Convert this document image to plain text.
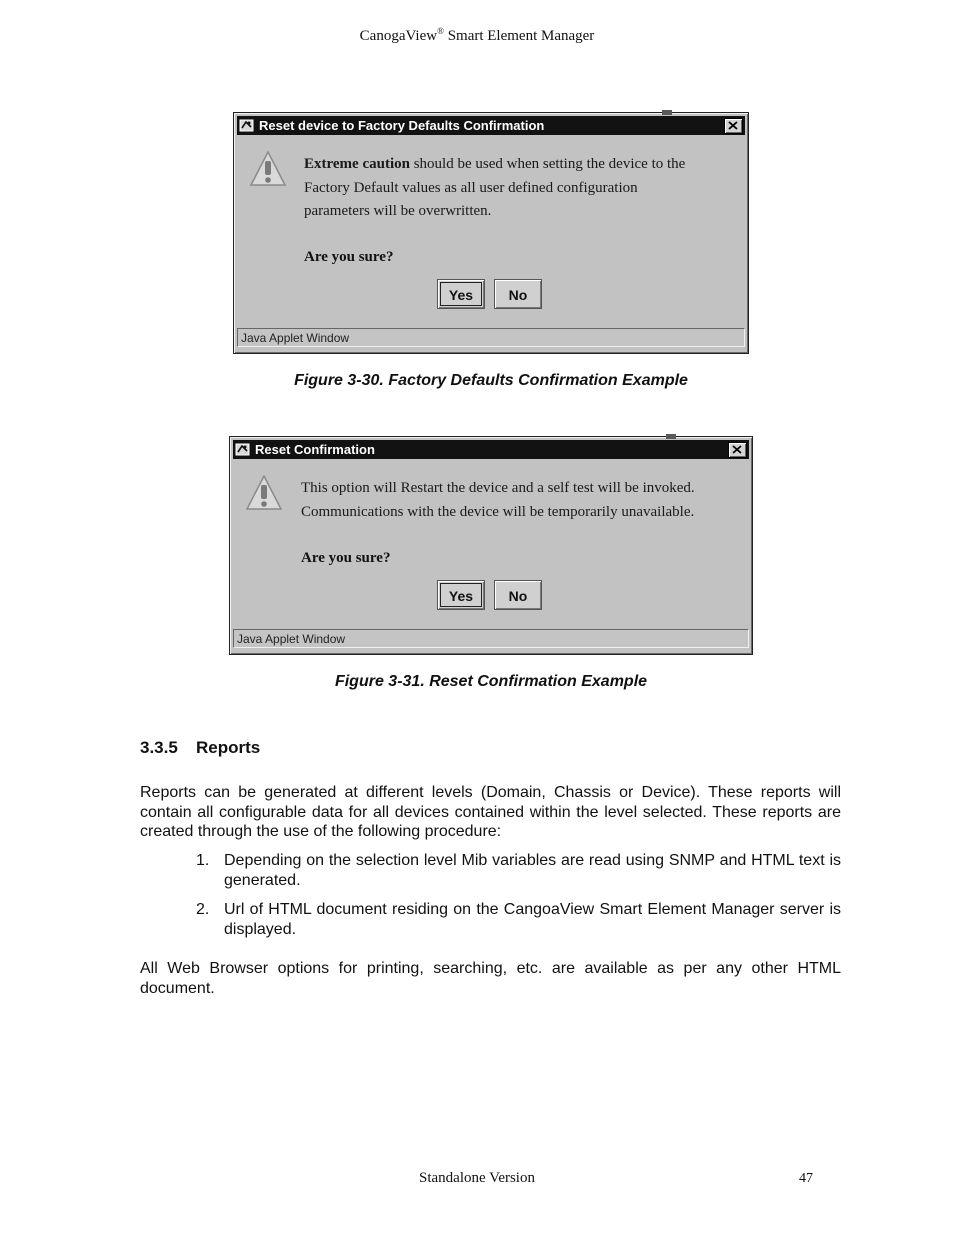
CanogaView® Smart Element Manager
Reset device to Factory Defaults Confirmation
Extreme caution should be used when setting the device to the
Factory Default values as all user defined configuration
parameters will be overwritten.
Are you sure?
Yes	No
Java Applet Window
Figure 3-30. Factory Defaults Confirmation Example
Reset Confirmation
This option will Restart the device and a self test will be invoked.
Communications with the device will be temporarily unavailable.
Are you sure?
Yes	No
Java Applet Window
Figure 3-31. Reset Confirmation Example
3.3.5 Reports
Reports can be generated at different levels (Domain, Chassis or Device). These reports will contain all configurable data for all devices contained within the level selected. These reports are created through the use of the following procedure:
1. Depending on the selection level Mib variables are read using SNMP and HTML text is generated.
2. Url of HTML document residing on the CangoaView Smart Element Manager server is displayed.
All Web Browser options for printing, searching, etc. are available as per any other HTML document.
Standalone Version	47
